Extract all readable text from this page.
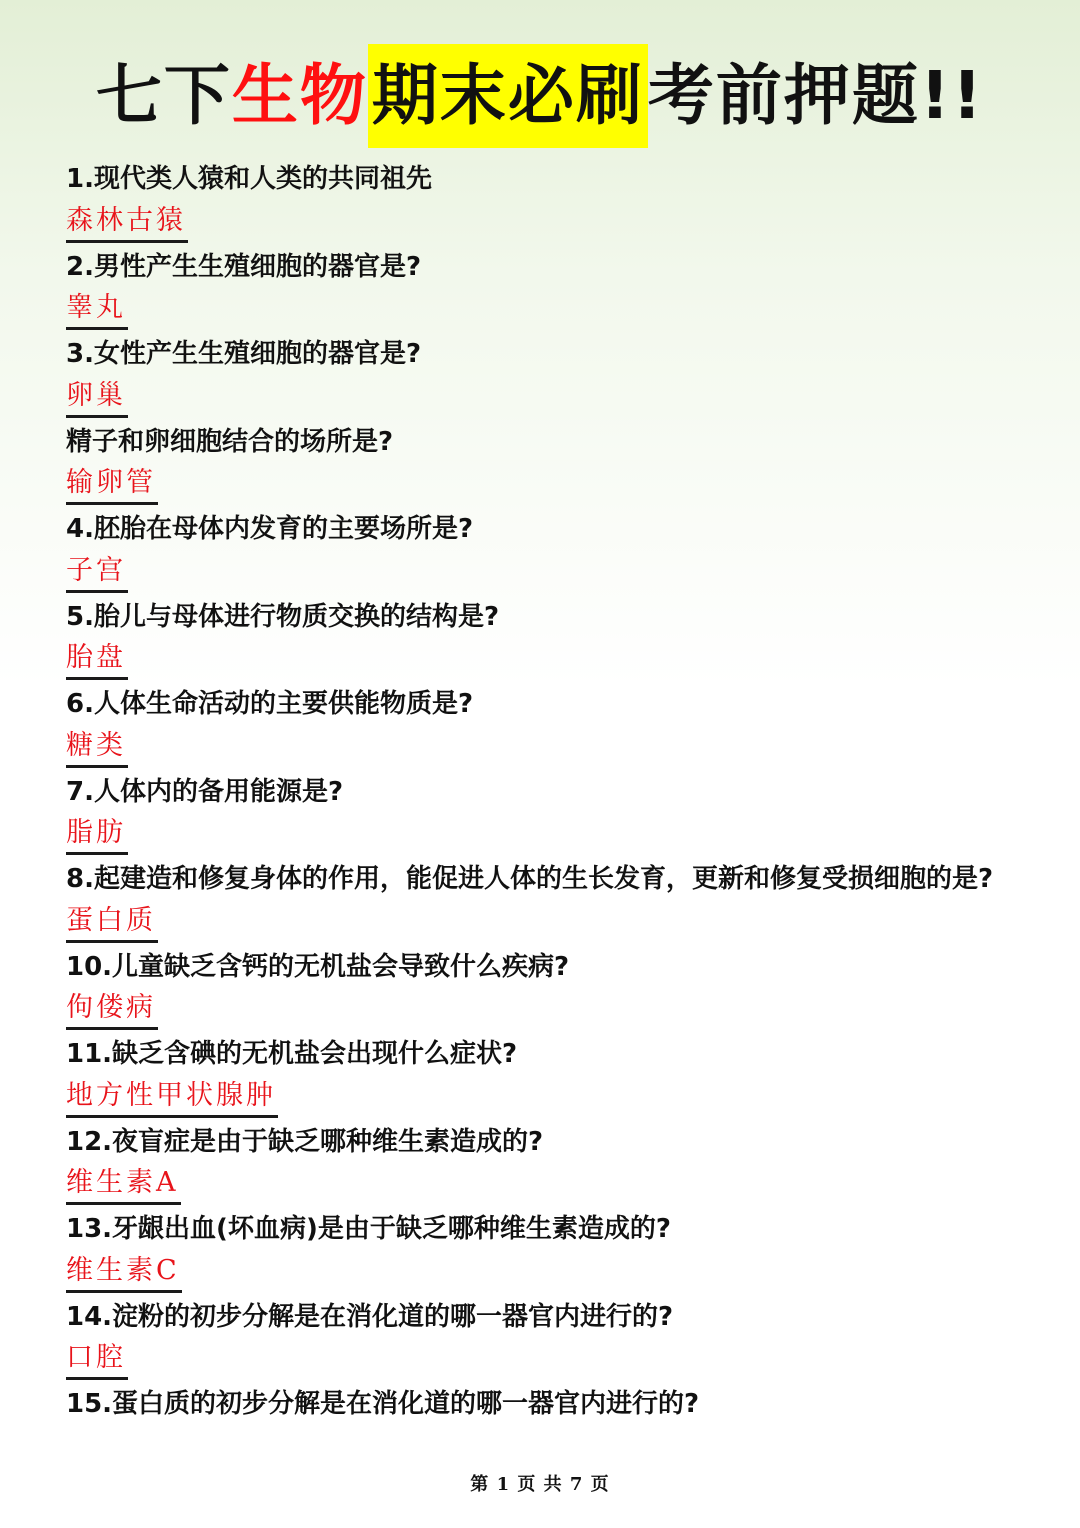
七下 生物 期末必刷 考前押题 !!
1.现代类人猿和人类的共同祖先
森林古猿
2.男性产生生殖细胞的器官是?
睾丸
3.女性产生生殖细胞的器官是?
卵巢
精子和卵细胞结合的场所是?
输卵管
4.胚胎在母体内发育的主要场所是?
子宫
5.胎儿与母体进行物质交换的结构是?
胎盘
6.人体生命活动的主要供能物质是?
糖类
7.人体内的备用能源是?
脂肪
8.起建造和修复身体的作用，能促进人体的生长发育，更新和修复受损细胞的是?
蛋白质
10.儿童缺乏含钙的无机盐会导致什么疾病?
佝偻病
11.缺乏含碘的无机盐会出现什么症状?
地方性甲状腺肿
12.夜盲症是由于缺乏哪种维生素造成的?
维生素A
13.牙龈出血(坏血病)是由于缺乏哪种维生素造成的?
维生素C
14.淀粉的初步分解是在消化道的哪一器官内进行的?
口腔
15.蛋白质的初步分解是在消化道的哪一器官内进行的?
第 1 页 共 7 页
